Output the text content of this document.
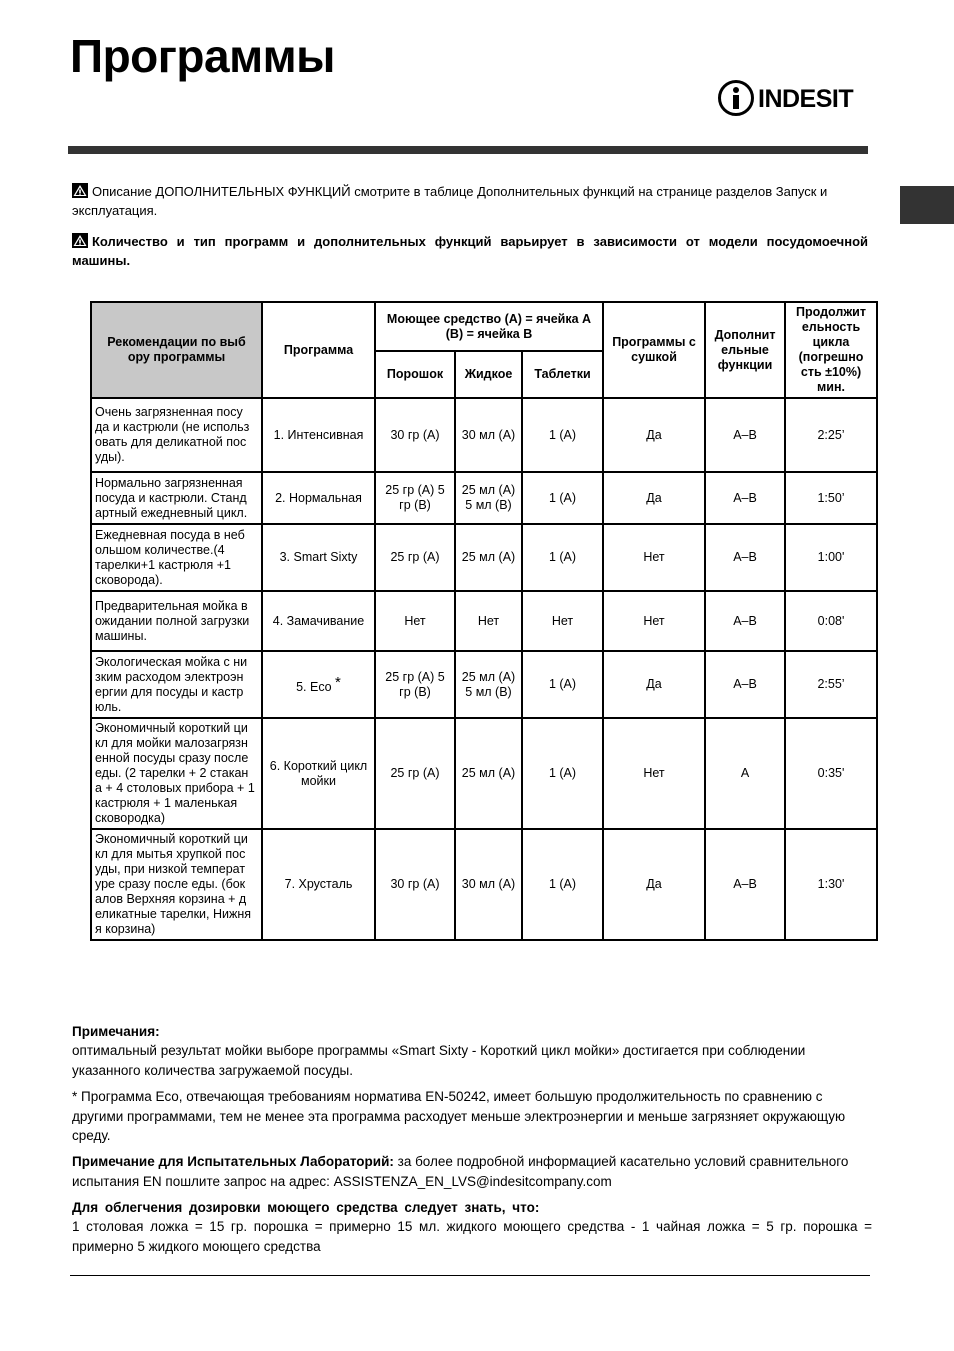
Программы
INDESIT
Описание ДОПОЛНИТЕЛЬНЫХ ФУНКЦИЙ смотрите в таблице Дополнительных функций на странице разделов Запуск и эксплуатация.
Количество и тип программ и дополнительных функций варьирует в зависимости от модели посудомоечной машины.
Рекомендации по выб ору программы	Программа	Моющее средство (A) = ячейка A (B) = ячейка B			Программы с сушкой	Дополнит ельные функции	Продолжит ельность цикла (погрешно сть ±10%) мин.
		Порошок	Жидкое	Таблетки			
Очень загрязненная посу да и кастрюли (не использ овать для деликатной пос уды).	1. Интенсивная	30 гр (A)	30 мл (A)	1 (A)	Да	A–B	2:25’
Нормально загрязненная посуда и кастрюли. Станд артный ежедневный цикл.	2. Нормальная	25 гр (A) 5 гр (B)	25 мл (A) 5 мл (B)	1 (A)	Да	A–B	1:50’
Ежедневная посуда в неб ольшом количестве.(4 тарелки+1 кастрюля +1 сковорода).	3. Smart Sixty	25 гр (A)	25 мл (A)	1 (A)	Нет	A–B	1:00'
Предварительная мойка в ожидании полной загрузки машины.	4. Замачивание	Нет	Нет	Нет	Нет	A–B	0:08'
Экологическая мойка с ни зким расходом электроэн ергии для посуды и кастр юль.	5. Eco *	25 гр (A) 5 гр (B)	25 мл (A) 5 мл (B)	1 (A)	Да	A–B	2:55’
Экономичный короткий ци кл для мойки малозагрязн енной посуды сразу после еды. (2 тарелки + 2 стакан а + 4 столовых прибора + 1 кастрюля + 1 маленькая сковородка)	6. Короткий цикл мойки	25 гр (A)	25 мл (A)	1 (A)	Нет	A	0:35'
Экономичный короткий ци кл для мытья хрупкой пос уды, при низкой температ уре сразу после еды. (бок алов Верхняя корзина + д еликатные тарелки, Нижня я корзина)	7. Хрусталь	30 гр (A)	30 мл (A)	1 (A)	Да	A–B	1:30'
Примечания:
оптимальный результат мойки выборе программы «Smart Sixty - Короткий цикл мойки» достигается при соблюдении указанного количества загружаемой посуды.
* Программа Eco, отвечающая требованиям норматива EN-50242, имеет большую продолжительность по сравнению с другими программами, тем не менее эта программа расходует меньше электроэнергии и меньше загрязняет окружающую среду.
Примечание для Испытательных Лабораторий: за более подробной информацией касательно условий сравнительного испытания EN пошлите запрос на адрес: ASSISTENZA_EN_LVS@indesitcompany.com
Для облегчения дозировки моющего средства следует знать, что:
1 столовая ложка = 15 гр. порошка = примерно 15 мл. жидкого моющего средства - 1 чайная ложка = 5 гр. порошка = примерно 5 жидкого моющего средства
